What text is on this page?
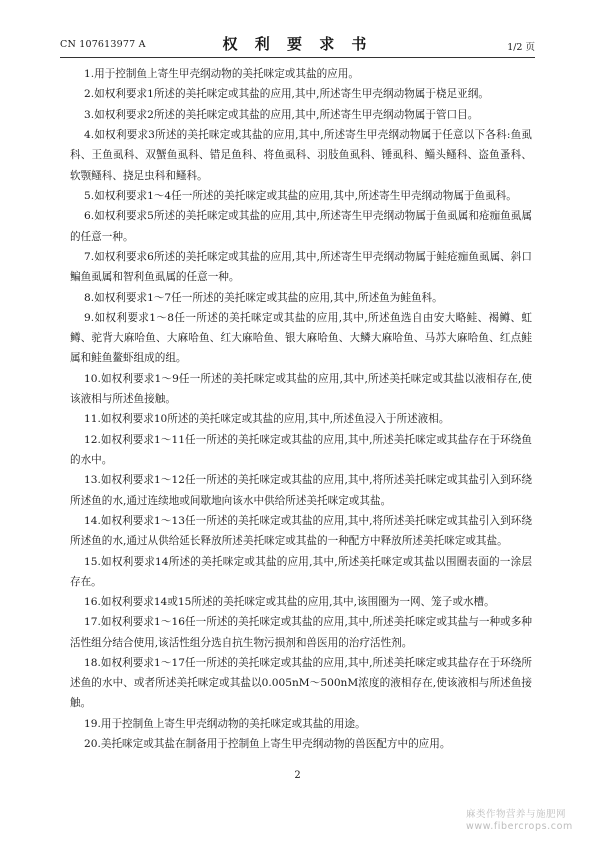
CN 107613977 A	权 利 要 求 书	1/2 页

1.用于控制鱼上寄生甲壳纲动物的美托咪定或其盐的应用。

2.如权利要求1所述的美托咪定或其盐的应用,其中,所述寄生甲壳纲动物属于桡足亚纲。

3.如权利要求2所述的美托咪定或其盐的应用,其中,所述寄生甲壳纲动物属于管口目。

4.如权利要求3所述的美托咪定或其盐的应用,其中,所述寄生甲壳纲动物属于任意以下各科:鱼虱科、王鱼虱科、双蟹鱼虱科、错足鱼科、将鱼虱科、羽肢鱼虱科、锤虱科、鲻头鳋科、盗鱼蚤科、软颚鳋科、挠足虫科和鳋科。

5.如权利要求1～4任一所述的美托咪定或其盐的应用,其中,所述寄生甲壳纲动物属于鱼虱科。

6.如权利要求5所述的美托咪定或其盐的应用,其中,所述寄生甲壳纲动物属于鱼虱属和疮痂鱼虱属的任意一种。

7.如权利要求6所述的美托咪定或其盐的应用,其中,所述寄生甲壳纲动物属于鲑疮痂鱼虱属、斜口鳊鱼虱属和智利鱼虱属的任意一种。

8.如权利要求1～7任一所述的美托咪定或其盐的应用,其中,所述鱼为鲑鱼科。

9.如权利要求1～8任一所述的美托咪定或其盐的应用,其中,所述鱼选自由安大略鲑、褐鳟、虹鳟、驼背大麻哈鱼、大麻哈鱼、红大麻哈鱼、银大麻哈鱼、大鳞大麻哈鱼、马苏大麻哈鱼、红点鲑属和鲑鱼鳌虾组成的组。

10.如权利要求1～9任一所述的美托咪定或其盐的应用,其中,所述美托咪定或其盐以液相存在,使该液相与所述鱼接触。

11.如权利要求10所述的美托咪定或其盐的应用,其中,所述鱼浸入于所述液相。

12.如权利要求1～11任一所述的美托咪定或其盐的应用,其中,所述美托咪定或其盐存在于环绕鱼的水中。

13.如权利要求1～12任一所述的美托咪定或其盐的应用,其中,将所述美托咪定或其盐引入到环绕所述鱼的水,通过连续地或间歇地向该水中供给所述美托咪定或其盐。

14.如权利要求1～13任一所述的美托咪定或其盐的应用,其中,将所述美托咪定或其盐引入到环绕所述鱼的水,通过从供给延长释放所述美托咪定或其盐的一种配方中释放所述美托咪定或其盐。

15.如权利要求14所述的美托咪定或其盐的应用,其中,所述美托咪定或其盐以围圈表面的一涂层存在。

16.如权利要求14或15所述的美托咪定或其盐的应用,其中,该围圈为一网、笼子或水槽。

17.如权利要求1～16任一所述的美托咪定或其盐的应用,其中,所述美托咪定或其盐与一种或多种活性组分结合使用,该活性组分选自抗生物污损剂和兽医用的治疗活性剂。

18.如权利要求1～17任一所述的美托咪定或其盐的应用,其中,所述美托咪定或其盐存在于环绕所述鱼的水中、或者所述美托咪定或其盐以0.005nM～500nM浓度的液相存在,使该液相与所述鱼接触。

19.用于控制鱼上寄生甲壳纲动物的美托咪定或其盐的用途。

20.美托咪定或其盐在制备用于控制鱼上寄生甲壳纲动物的兽医配方中的应用。

2
麻类作物营养与施肥网
www.fibercrops.com
